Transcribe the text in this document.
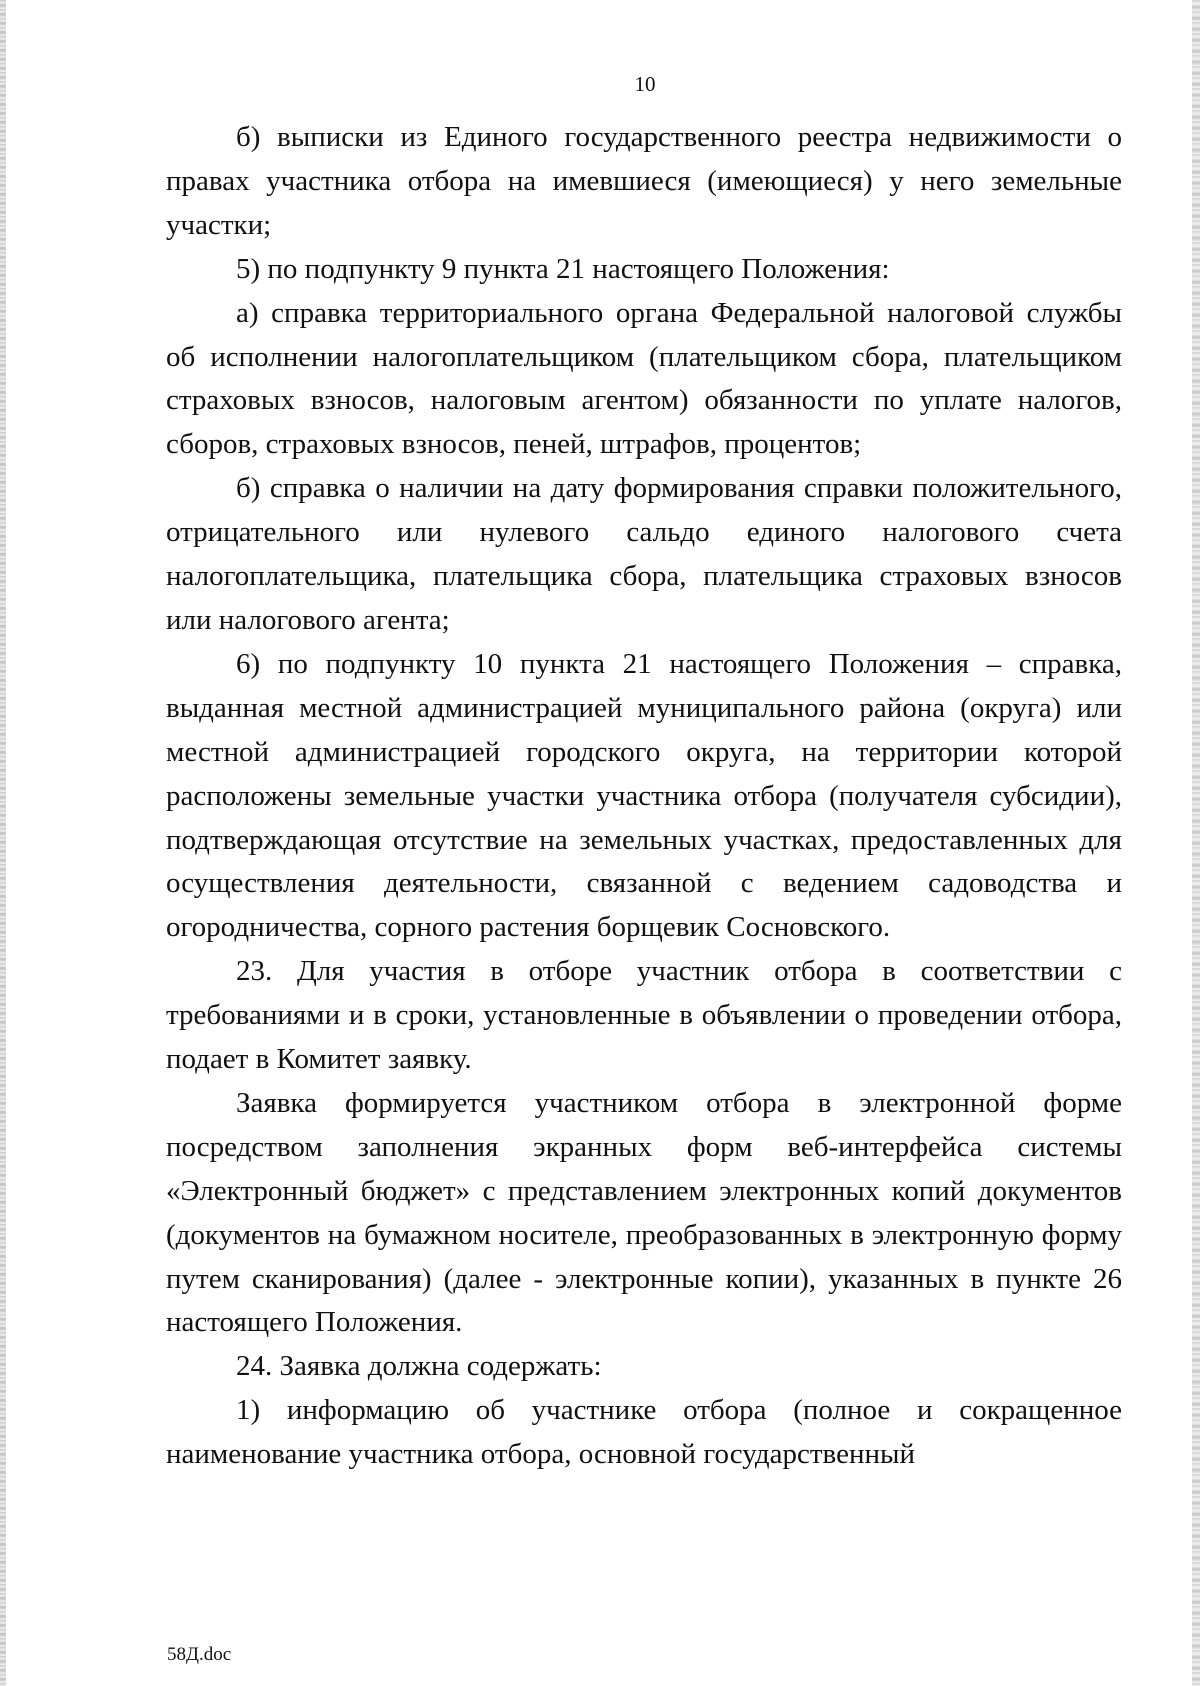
10

б) выписки из Единого государственного реестра недвижимости о правах участника отбора на имевшиеся (имеющиеся) у него земельные участки;

5) по подпункту 9 пункта 21 настоящего Положения:

а) справка территориального органа Федеральной налоговой службы об исполнении налогоплательщиком (плательщиком сбора, плательщиком страховых взносов, налоговым агентом) обязанности по уплате налогов, сборов, страховых взносов, пеней, штрафов, процентов;

б) справка о наличии на дату формирования справки положительного, отрицательного или нулевого сальдо единого налогового счета налогоплательщика, плательщика сбора, плательщика страховых взносов или налогового агента;

6) по подпункту 10 пункта 21 настоящего Положения – справка, выданная местной администрацией муниципального района (округа) или местной администрацией городского округа, на территории которой расположены земельные участки участника отбора (получателя субсидии), подтверждающая отсутствие на земельных участках, предоставленных для осуществления деятельности, связанной с ведением садоводства и огородничества, сорного растения борщевик Сосновского.

23. Для участия в отборе участник отбора в соответствии с требованиями и в сроки, установленные в объявлении о проведении отбора, подает в Комитет заявку.

Заявка формируется участником отбора в электронной форме посредством заполнения экранных форм веб-интерфейса системы «Электронный бюджет» с представлением электронных копий документов (документов на бумажном носителе, преобразованных в электронную форму путем сканирования) (далее - электронные копии), указанных в пункте 26 настоящего Положения.

24. Заявка должна содержать:

1) информацию об участнике отбора (полное и сокращенное наименование участника отбора, основной государственный

58Д.doc
